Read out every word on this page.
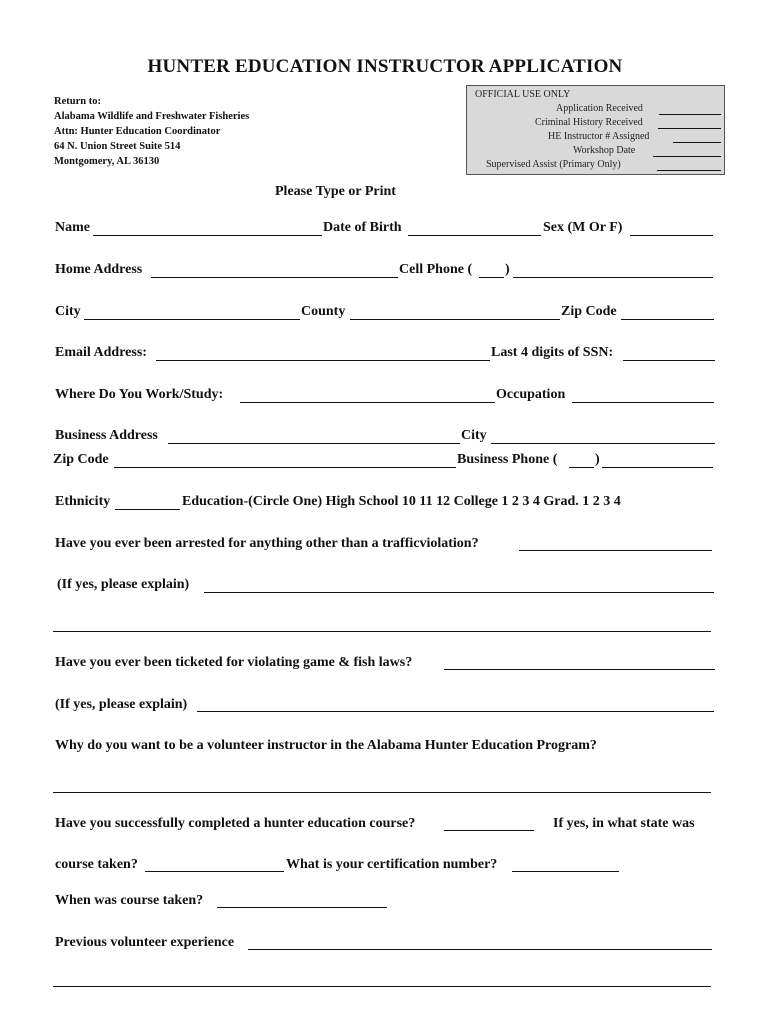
HUNTER EDUCATION INSTRUCTOR APPLICATION
Return to:
Alabama Wildlife and Freshwater Fisheries
Attn: Hunter Education Coordinator
64 N. Union Street Suite 514
Montgomery, AL 36130
OFFICIAL USE ONLY
Application Received
Criminal History Received
HE Instructor # Assigned
Workshop Date
Supervised Assist (Primary Only)
Please Type or Print
Name	Date of Birth	Sex (M Or F)
Home Address	Cell Phone ( )
City	County	Zip Code
Email Address:	Last 4 digits of SSN:
Where Do You Work/Study:	Occupation
Business Address	City
Zip Code	Business Phone (	)
Ethnicity	Education-(Circle One) High School 10 11 12 College 1 2 3 4 Grad. 1 2 3 4
Have you ever been arrested for anything other than a trafficviolation?
(If yes, please explain)
Have you ever been ticketed for violating game & fish laws?
(If yes, please explain)
Why do you want to be a volunteer instructor in the Alabama Hunter Education Program?
Have you successfully completed a hunter education course?	If yes, in what state was
course taken?	What is your certification number?
When was course taken?
Previous volunteer experience
